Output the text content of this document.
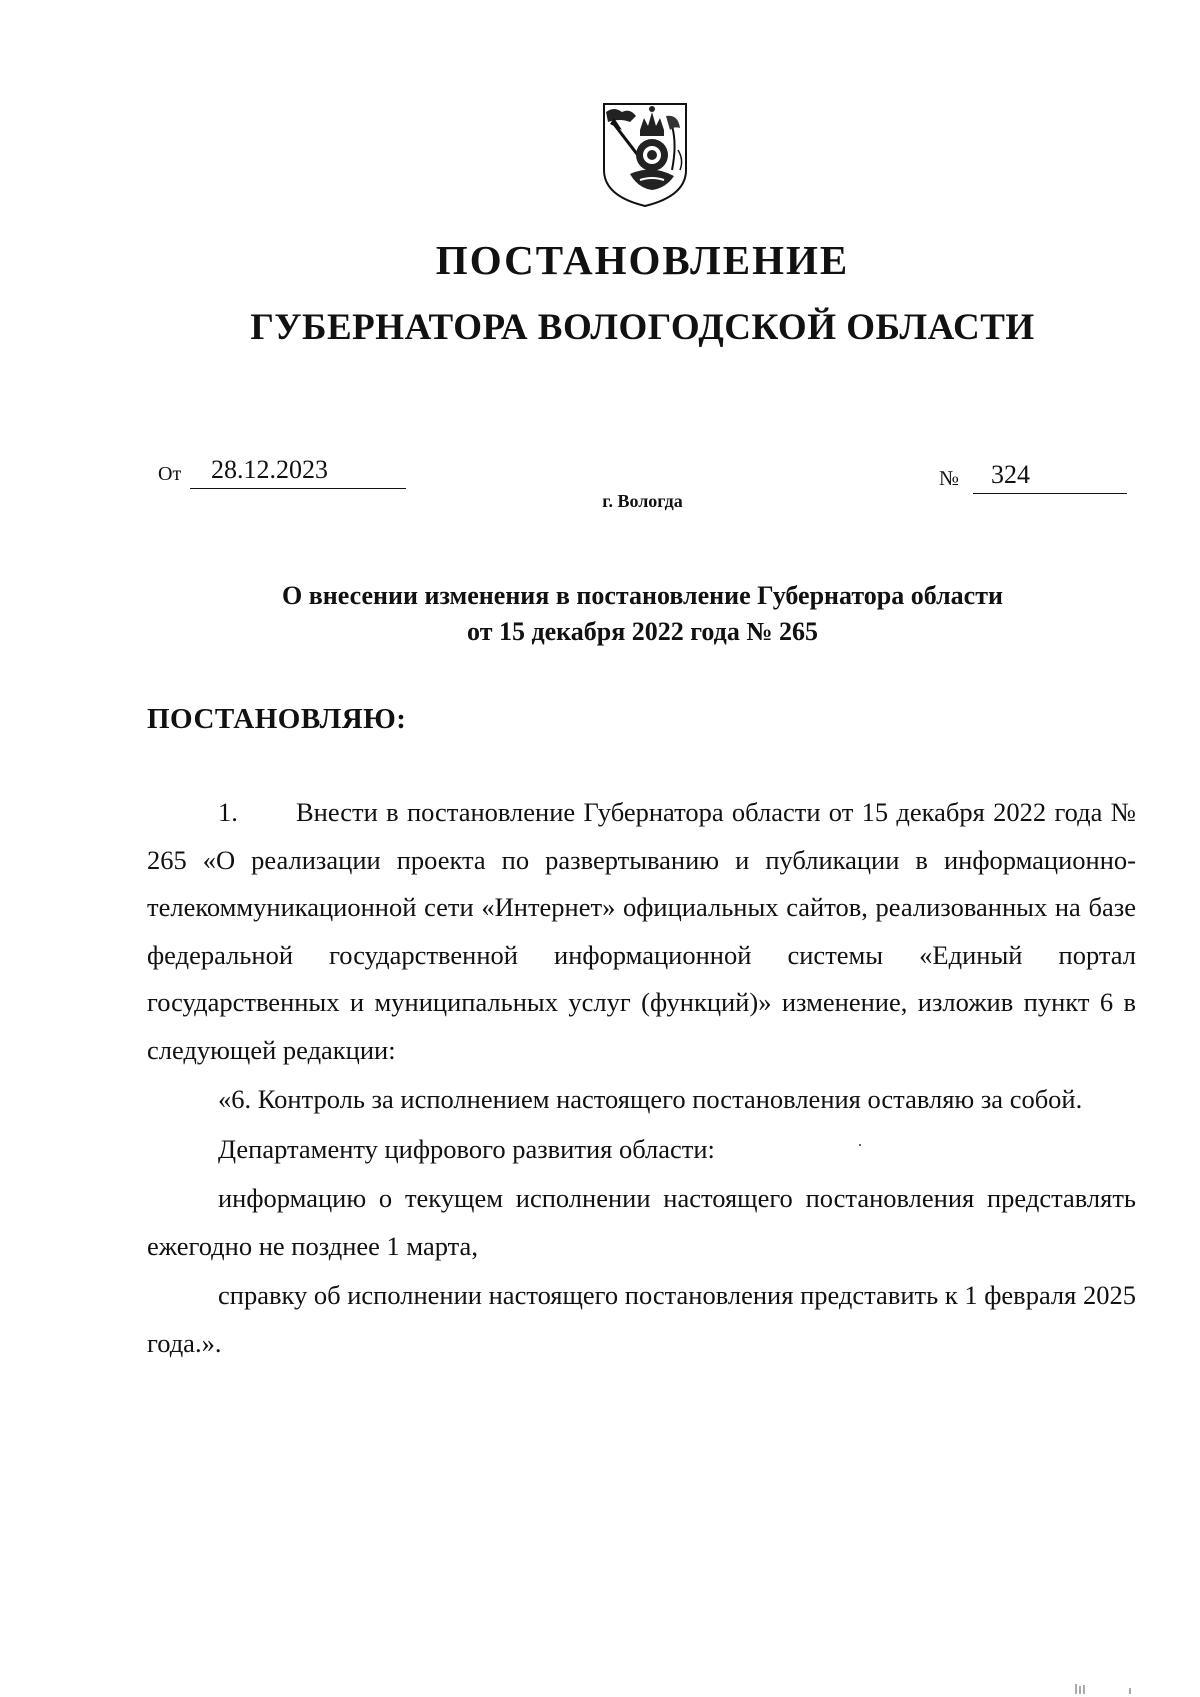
ПОСТАНОВЛЕНИЕ
ГУБЕРНАТОРА ВОЛОГОДСКОЙ ОБЛАСТИ
От 28.12.2023	№ 324
г. Вологда
О внесении изменения в постановление Губернатора области
от 15 декабря 2022 года № 265
ПОСТАНОВЛЯЮ:

1. Внести в постановление Губернатора области от 15 декабря 2022 года № 265 «О реализации проекта по развертыванию и публикации в информационно-телекоммуникационной сети «Интернет» официальных сайтов, реализованных на базе федеральной государственной информационной системы «Единый портал государственных и муниципальных услуг (функций)» изменение, изложив пункт 6 в следующей редакции:

«6. Контроль за исполнением настоящего постановления оставляю за собой.

Департаменту цифрового развития области:

информацию о текущем исполнении настоящего постановления представлять ежегодно не позднее 1 марта,

справку об исполнении настоящего постановления представить к 1 февраля 2025 года.».
